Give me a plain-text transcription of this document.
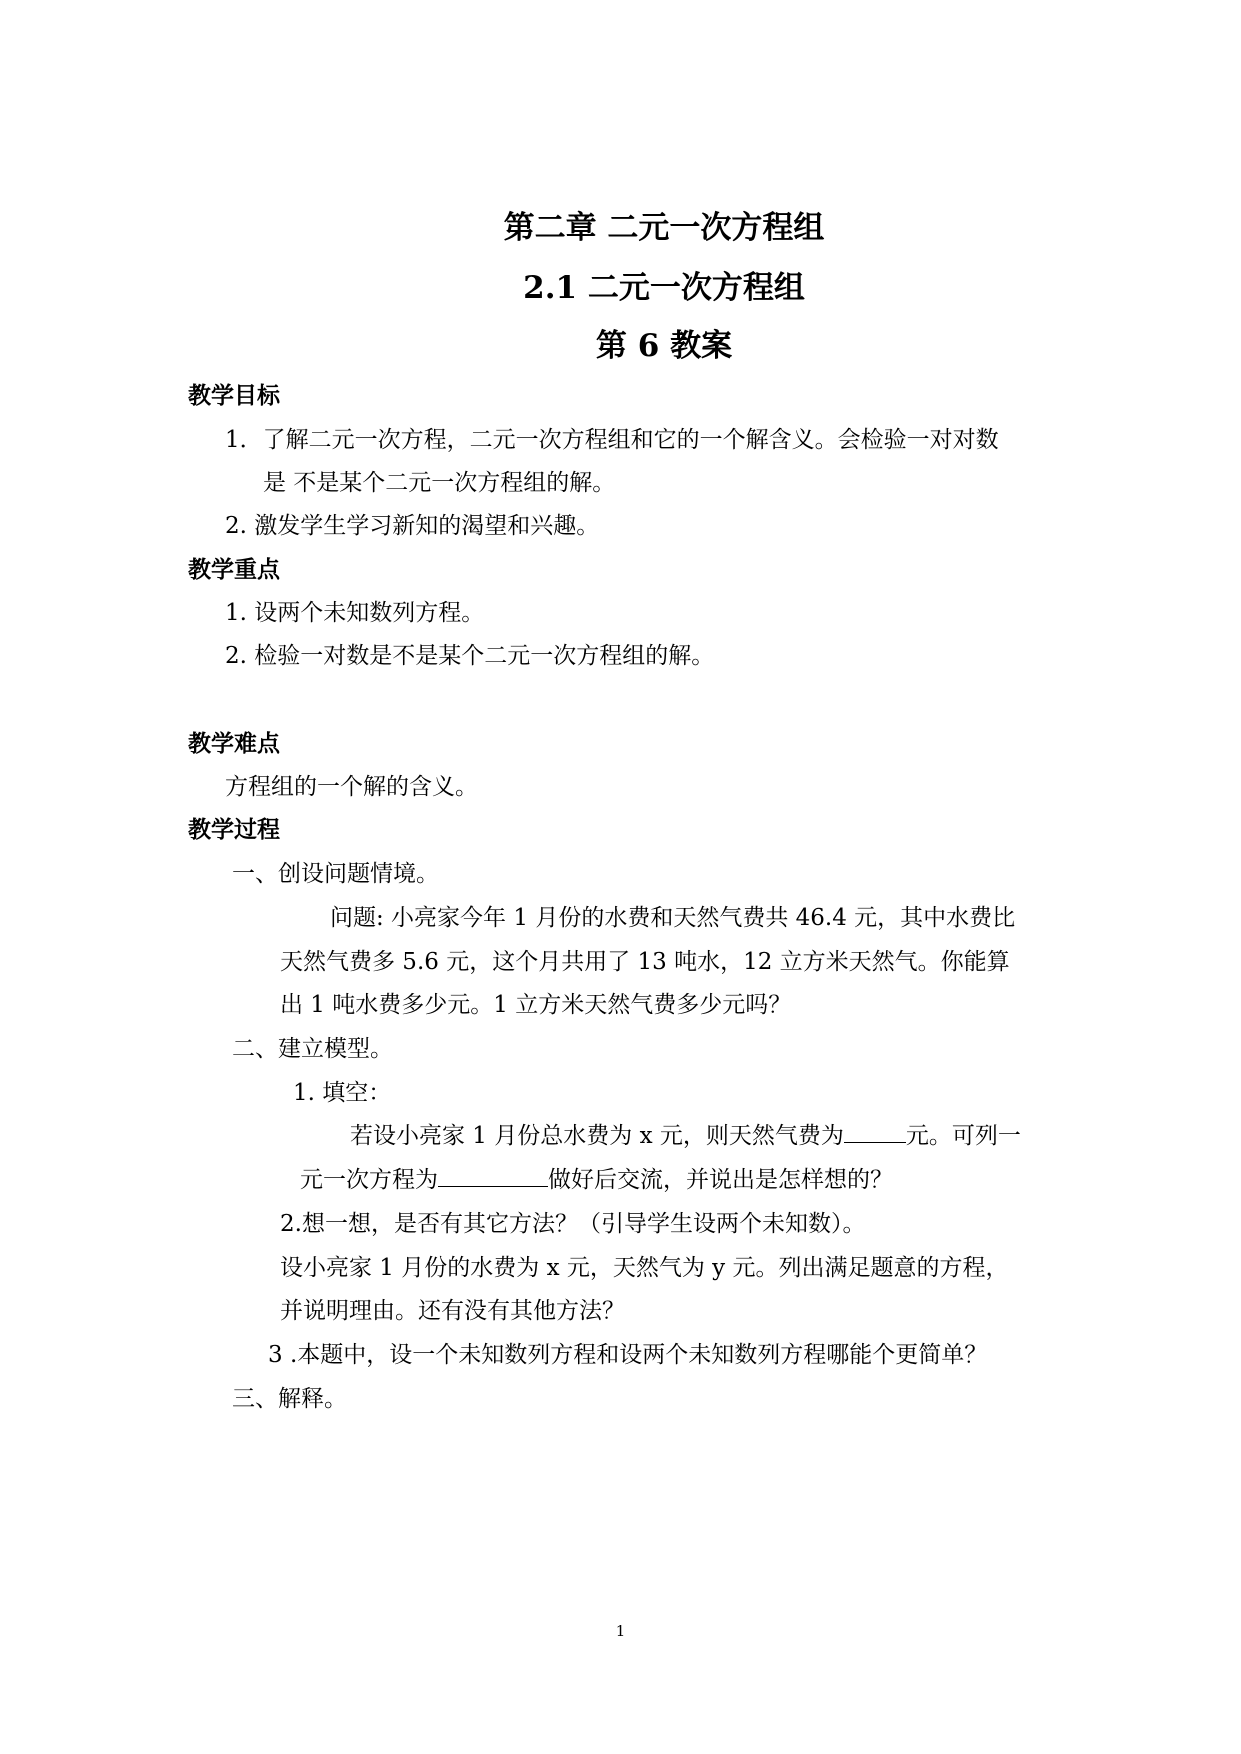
第二章 二元一次方程组
2.1 二元一次方程组
第 6 教案
教学目标
1．了解二元一次方程，二元一次方程组和它的一个解含义。会检验一对对数
是 不是某个二元一次方程组的解。
2. 激发学生学习新知的渴望和兴趣。
教学重点
1. 设两个未知数列方程。
2. 检验一对数是不是某个二元一次方程组的解。
教学难点
方程组的一个解的含义。
教学过程
一、创设问题情境。
问题: 小亮家今年 1 月份的水费和天然气费共 46.4 元，其中水费比
天然气费多 5.6 元，这个月共用了 13 吨水，12 立方米天然气。你能算
出 1 吨水费多少元。1 立方米天然气费多少元吗？
二、建立模型。
1. 填空：
若设小亮家 1 月份总水费为 x 元，则天然气费为	元。可列一
元一次方程为	做好后交流，并说出是怎样想的？
2.想一想，是否有其它方法？（引导学生设两个未知数）。
设小亮家 1 月份的水费为 x 元，天然气为 y 元。列出满足题意的方程，
并说明理由。还有没有其他方法？
3 .本题中，设一个未知数列方程和设两个未知数列方程哪能个更简单？
三、解释。
1
